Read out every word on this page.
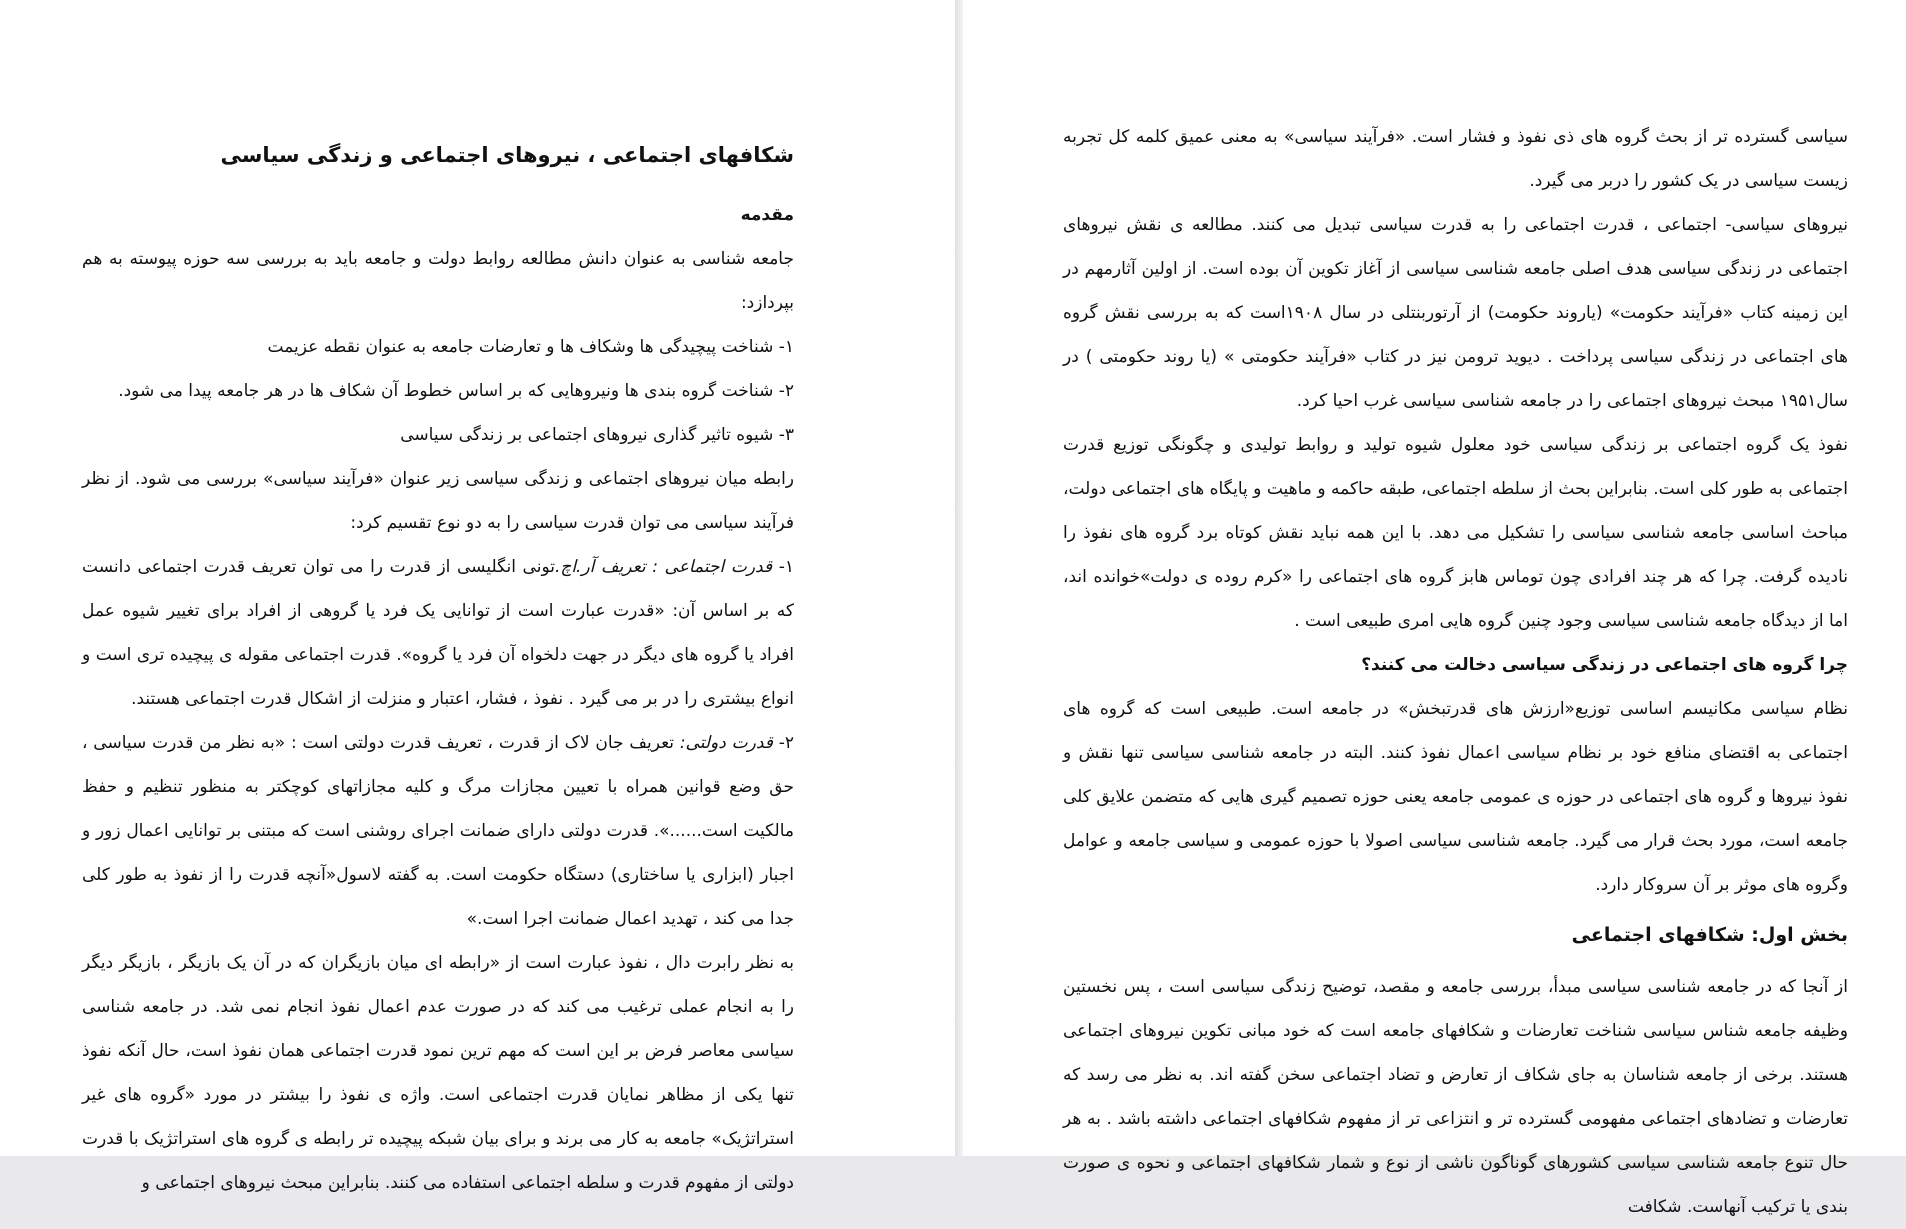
شکافهای اجتماعی ، نیروهای اجتماعی و زندگی سیاسی
مقدمه

جامعه شناسی به عنوان دانش مطالعه روابط دولت و جامعه باید به بررسی سه حوزه پیوسته به هم بپردازد:

۱- شناخت پیچیدگی ها وشکاف ها و تعارضات جامعه به عنوان نقطه عزیمت

۲- شناخت گروه بندی ها ونیروهایی که بر اساس خطوط آن شکاف ها در هر جامعه پیدا می شود.

۳- شیوه تاثیر گذاری نیروهای اجتماعی بر زندگی سیاسی

رابطه میان نیروهای اجتماعی و زندگی سیاسی زیر عنوان «فرآیند سیاسی» بررسی می شود. از نظر فرآیند سیاسی می توان قدرت سیاسی را به دو نوع تقسیم کرد:

۱- قدرت اجتماعی : تعریف آر.اچ.تونی انگلیسی از قدرت را می توان تعریف قدرت اجتماعی دانست که بر اساس آن: «قدرت عبارت است از توانایی یک فرد یا گروهی از افراد برای تغییر شیوه عمل افراد یا گروه های دیگر در جهت دلخواه آن فرد یا گروه». قدرت اجتماعی مقوله ی پیچیده تری است و انواع بیشتری را در بر می گیرد . نفوذ ، فشار، اعتبار و منزلت از اشکال قدرت اجتماعی هستند.

۲- قدرت دولتی: تعریف جان لاک از قدرت ، تعریف قدرت دولتی است : «به نظر من قدرت سیاسی ، حق وضع قوانین همراه با تعیین مجازات مرگ و کلیه مجازاتهای کوچکتر به منظور تنظیم و حفظ مالکیت است......». قدرت دولتی دارای ضمانت اجرای روشنی است که مبتنی بر توانایی اعمال زور و اجبار (ابزاری یا ساختاری) دستگاه حکومت است. به گفته لاسول«آنچه قدرت را از نفوذ به طور کلی جدا می کند ، تهدید اعمال ضمانت اجرا است.»

به نظر رابرت دال ، نفوذ عبارت است از «رابطه ای میان بازیگران که در آن یک بازیگر ، بازیگر دیگر را به انجام عملی ترغیب می کند که در صورت عدم اعمال نفوذ انجام نمی شد. در جامعه شناسی سیاسی معاصر فرض بر این است که مهم ترین نمود قدرت اجتماعی همان نفوذ است، حال آنکه نفوذ تنها یکی از مظاهر نمایان قدرت اجتماعی است. واژه ی نفوذ را بیشتر در مورد «گروه های غیر استراتژیک» جامعه به کار می برند و برای بیان شبکه پیچیده تر رابطه ی گروه های استراتژیک با قدرت دولتی از مفهوم قدرت و سلطه اجتماعی استفاده می کنند. بنابراین مبحث نیروهای اجتماعی و

سیاسی گسترده تر از بحث گروه های ذی نفوذ و فشار است. «فرآیند سیاسی» به معنی عمیق کلمه کل تجربه زیست سیاسی در یک کشور را دربر می گیرد.

نیروهای سیاسی- اجتماعی ، قدرت اجتماعی را به قدرت سیاسی تبدیل می کنند. مطالعه ی نقش نیروهای اجتماعی در زندگی سیاسی هدف اصلی جامعه شناسی سیاسی از آغاز تکوین آن بوده است. از اولین آثارمهم در این زمینه کتاب «فرآیند حکومت» (یاروند حکومت) از آرتوربنتلی در سال ۱۹۰۸است که به بررسی نقش گروه های اجتماعی در زندگی سیاسی پرداخت . دیوید ترومن نیز در کتاب «فرآیند حکومتی » (یا روند حکومتی ) در سال۱۹۵۱ مبحث نیروهای اجتماعی را در جامعه شناسی سیاسی غرب احیا کرد.

نفوذ یک گروه اجتماعی بر زندگی سیاسی خود معلول شیوه تولید و روابط تولیدی و چگونگی توزیع قدرت اجتماعی به طور کلی است. بنابراین بحث از سلطه اجتماعی، طبقه حاکمه و ماهیت و پایگاه های اجتماعی دولت، مباحث اساسی جامعه شناسی سیاسی را تشکیل می دهد. با این همه نباید نقش کوتاه برد گروه های نفوذ را نادیده گرفت. چرا که هر چند افرادی چون توماس هابز گروه های اجتماعی را «کرم روده ی دولت»خوانده اند، اما از دیدگاه جامعه شناسی سیاسی وجود چنین گروه هایی امری طبیعی است .

چرا گروه های اجتماعی در زندگی سیاسی دخالت می کنند؟

نظام سیاسی مکانیسم اساسی توزیع«ارزش های قدرتبخش» در جامعه است. طبیعی است که گروه های اجتماعی به اقتضای منافع خود بر نظام سیاسی اعمال نفوذ کنند. البته در جامعه شناسی سیاسی تنها نقش و نفوذ نیروها و گروه های اجتماعی در حوزه ی عمومی جامعه یعنی حوزه تصمیم گیری هایی که متضمن علایق کلی جامعه است، مورد بحث قرار می گیرد. جامعه شناسی سیاسی اصولا با حوزه عمومی و سیاسی جامعه و عوامل وگروه های موثر بر آن سروکار دارد.

بخش اول: شکافهای اجتماعی

از آنجا که در جامعه شناسی سیاسی مبدأ، بررسی جامعه و مقصد، توضیح زندگی سیاسی است ، پس نخستین وظیفه جامعه شناس سیاسی شناخت تعارضات و شکافهای جامعه است که خود مبانی تکوین نیروهای اجتماعی هستند. برخی از جامعه شناسان به جای شکاف از تعارض و تضاد اجتماعی سخن گفته اند. به نظر می رسد که تعارضات و تضادهای اجتماعی مفهومی گسترده تر و انتزاعی تر از مفهوم شکافهای اجتماعی داشته باشد . به هر حال تنوع جامعه شناسی سیاسی کشورهای گوناگون ناشی از نوع و شمار شکافهای اجتماعی و نحوه ی صورت بندی یا ترکیب آنهاست. شکافت
